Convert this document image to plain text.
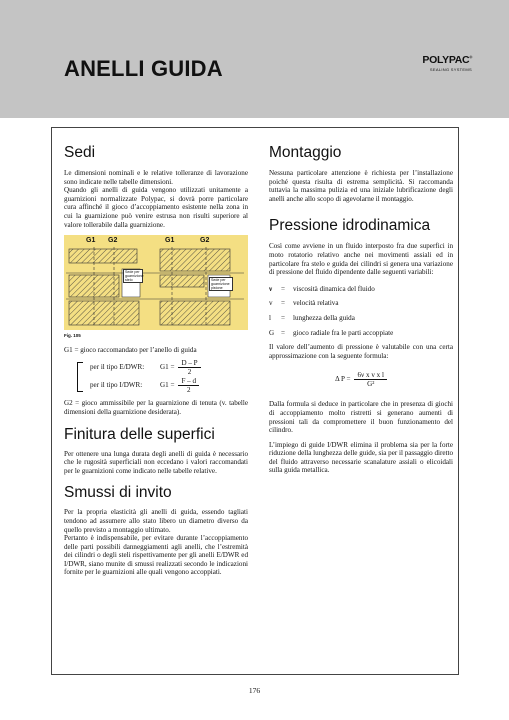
ANELLI GUIDA	POLYPAC®
SEALING SYSTEMS
Sedi

Le dimensioni nominali e le relative tolleranze di lavorazione sono indicate nelle tabelle dimensioni.

Quando gli anelli di guida vengono utilizzati unitamente a guarnizioni normalizzate Polypac, si dovrà porre particolare cura affinché il gioco d’accoppiamento esistente nella zona in cui la guarnizione può venire estrusa non risulti superiore al valore tollerabile dalla guarnizione.

G1 G2	G1	G2
Sede per guarnizione stelo	Sede per guarnizione pistone
Fig. 105

G1 = gioco raccomandato per l’anello di guida

per il tipo E/DWR:	$G1 = \frac{D - P}{2}$
per il tipo I/DWR:	$G1 = \frac{F - d}{2}$

G2 = gioco ammissibile per la guarnizione di tenuta (v. tabelle dimensioni della guarnizione desiderata).

Finitura delle superfici

Per ottenere una lunga durata degli anelli di guida è necessario che le rugosità superficiali non eccedano i valori raccomandati per le guarnizioni come indicato nelle tabelle relative.

Smussi di invito

Per la propria elasticità gli anelli di guida, essendo tagliati tendono ad assumere allo stato libero un diametro diverso da quello previsto a montaggio ultimato.

Pertanto è indispensabile, per evitare durante l’accoppiamento delle parti possibili danneggiamenti agli anelli, che l’estremità dei cilindri o degli steli rispettivamente per gli anelli E/DWR ed I/DWR, siano munite di smussi realizzati secondo le indicazioni fornite per le guarnizioni alle quali vengono accoppiati.

Montaggio

Nessuna particolare attenzione è richiesta per l’installazione poiché questa risulta di estrema semplicità. Si raccomanda tuttavia la massima pulizia ed una iniziale lubrificazione degli anelli anche allo scopo di agevolarne il montaggio.

Pressione idrodinamica

Così come avviene in un fluido interposto fra due superfici in moto rotatorio relativo anche nei movimenti assiali ed in particolare fra stelo e guida dei cilindri si genera una variazione di pressione del fluido dipendente dalle seguenti variabili:

ν	=	viscosità dinamica del fluido
v	=	velocità relativa
l	=	lunghezza della guida
G =	gioco radiale fra le parti accoppiate

Il valore dell’aumento di pressione è valutabile con una certa approssimazione con la seguente formula:

Δ $P = \frac{\text{6ν x v x l}}{\text{G²}}$

Dalla formula si deduce in particolare che in presenza di giochi di accoppiamento molto ristretti si generano aumenti di pressioni tali da compromettere il buon funzionamento del cilindro.

L’impiego di guide I/DWR elimina il problema sia per la forte riduzione della lunghezza delle guide, sia per il passaggio diretto del fluido attraverso necessarie scanalature assiali o elicoidali sulla guida metallica.

176
